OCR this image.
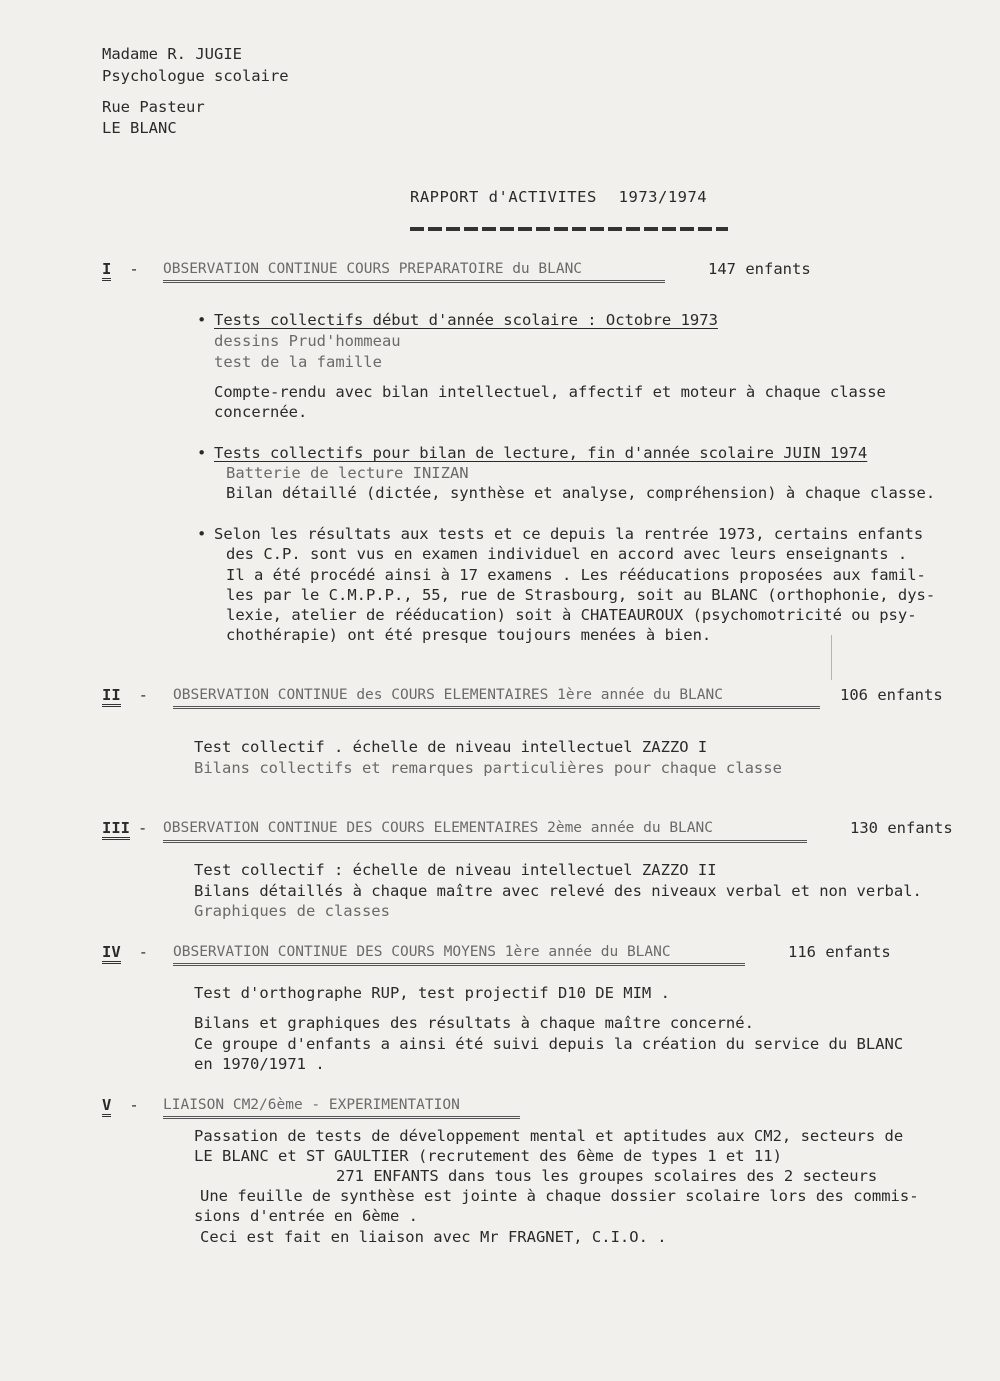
Madame R. JUGIE
Psychologue scolaire
Rue Pasteur
LE BLANC
RAPPORT d'ACTIVITES 1973/1974
I - OBSERVATION CONTINUE COURS PREPARATOIRE du BLANC	147 enfants
• Tests collectifs début d'année scolaire : Octobre 1973
dessins Prud'hommeau
test de la famille
Compte-rendu avec bilan intellectuel, affectif et moteur à chaque classe
concernée.
• Tests collectifs pour bilan de lecture, fin d'année scolaire JUIN 1974
Batterie de lecture INIZAN
Bilan détaillé (dictée, synthèse et analyse, compréhension) à chaque classe.
• Selon les résultats aux tests et ce depuis la rentrée 1973, certains enfants
des C.P. sont vus en examen individuel en accord avec leurs enseignants .
Il a été procédé ainsi à 17 examens . Les rééducations proposées aux famil-
les par le C.M.P.P., 55, rue de Strasbourg, soit au BLANC (orthophonie, dys-
lexie, atelier de rééducation) soit à CHATEAUROUX (psychomotricité ou psy-
chothérapie) ont été presque toujours menées à bien.
II - OBSERVATION CONTINUE des COURS ELEMENTAIRES 1ère année du BLANC	106 enfants
Test collectif . échelle de niveau intellectuel ZAZZO I
Bilans collectifs et remarques particulières pour chaque classe
III - OBSERVATION CONTINUE DES COURS ELEMENTAIRES 2ème année du BLANC	130 enfants
Test collectif : échelle de niveau intellectuel ZAZZO II
Bilans détaillés à chaque maître avec relevé des niveaux verbal et non verbal.
Graphiques de classes
IV - OBSERVATION CONTINUE DES COURS MOYENS 1ère année du BLANC	116 enfants
Test d'orthographe RUP, test projectif D10 DE MIM .
Bilans et graphiques des résultats à chaque maître concerné.
Ce groupe d'enfants a ainsi été suivi depuis la création du service du BLANC
en 1970/1971 .
V - LIAISON CM2/6ème - EXPERIMENTATION
Passation de tests de développement mental et aptitudes aux CM2, secteurs de
LE BLANC et ST GAULTIER (recrutement des 6ème de types 1 et 11)
271 ENFANTS dans tous les groupes scolaires des 2 secteurs
Une feuille de synthèse est jointe à chaque dossier scolaire lors des commis-
sions d'entrée en 6ème .
Ceci est fait en liaison avec Mr FRAGNET, C.I.O. .
